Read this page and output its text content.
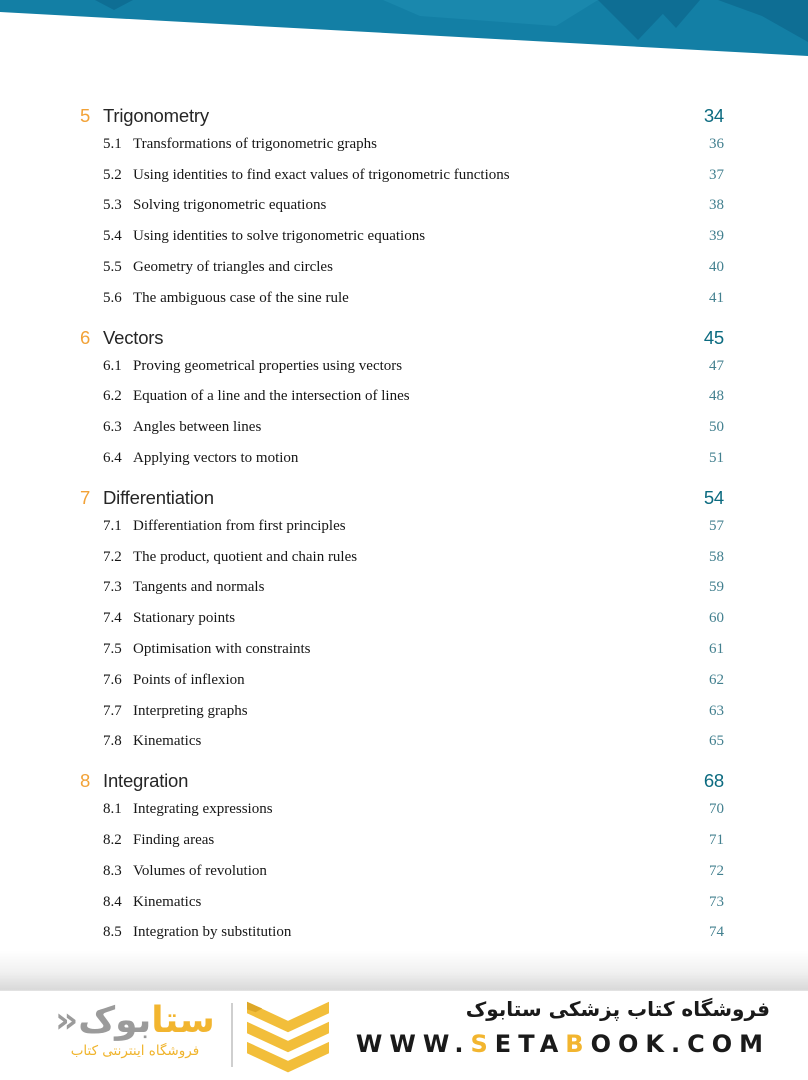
5 Trigonometry	34
5.1 Transformations of trigonometric graphs	36
5.2 Using identities to find exact values of trigonometric functions	37
5.3 Solving trigonometric equations	38
5.4 Using identities to solve trigonometric equations	39
5.5 Geometry of triangles and circles	40
5.6 The ambiguous case of the sine rule	41
6 Vectors	45
6.1 Proving geometrical properties using vectors	47
6.2 Equation of a line and the intersection of lines	48
6.3 Angles between lines	50
6.4 Applying vectors to motion	51
7 Differentiation	54
7.1 Differentiation from first principles	57
7.2 The product, quotient and chain rules	58
7.3 Tangents and normals	59
7.4 Stationary points	60
7.5 Optimisation with constraints	61
7.6 Points of inflexion	62
7.7 Interpreting graphs	63
7.8 Kinematics	65
8 Integration	68
8.1 Integrating expressions	70
8.2 Finding areas	71
8.3 Volumes of revolution	72
8.4 Kinematics	73
8.5 Integration by substitution	74
ستابوک«
فروشگاه اینترنتی کتاب
فروشگاه کتاب پزشکی ستابوک
WWW.SETABOOK.COM
